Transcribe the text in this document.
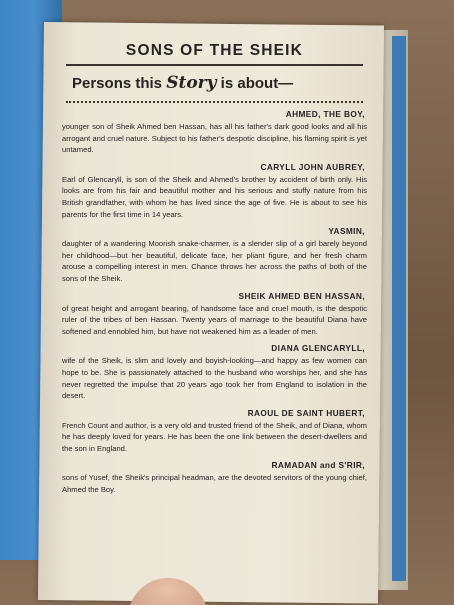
SONS OF THE SHEIK
Persons this Story is about—
AHMED, THE BOY,

younger son of Sheik Ahmed ben Hassan, has all his father's dark good looks and all his arrogant and cruel nature. Subject to his father's despotic discipline, his flaming spirit is yet untamed.

CARYLL JOHN AUBREY,

Earl of Glencaryll, is son of the Sheik and Ahmed's brother by accident of birth only. His looks are from his fair and beautiful mother and his serious and stuffy nature from his British grandfather, with whom he has lived since the age of five. He is about to see his parents for the first time in 14 years.

YASMIN,

daughter of a wandering Moorish snake-charmer, is a slender slip of a girl barely beyond her childhood—but her beautiful, delicate face, her pliant figure, and her fresh charm arouse a compelling interest in men. Chance throws her across the paths of both of the sons of the Sheik.

SHEIK AHMED BEN HASSAN,

of great height and arrogant bearing, of handsome face and cruel mouth, is the despotic ruler of the tribes of ben Hassan. Twenty years of marriage to the beautiful Diana have softened and ennobled him, but have not weakened him as a leader of men.

DIANA GLENCARYLL,

wife of the Sheik, is slim and lovely and boyish-looking—and happy as few women can hope to be. She is passionately attached to the husband who worships her, and she has never regretted the impulse that 20 years ago took her from England to isolation in the desert.

RAOUL DE SAINT HUBERT,

French Count and author, is a very old and trusted friend of the Sheik, and of Diana, whom he has deeply loved for years. He has been the one link between the desert-dwellers and the son in England.

RAMADAN and S'RIR,

sons of Yusef, the Sheik's principal headman, are the devoted servitors of the young chief, Ahmed the Boy.
